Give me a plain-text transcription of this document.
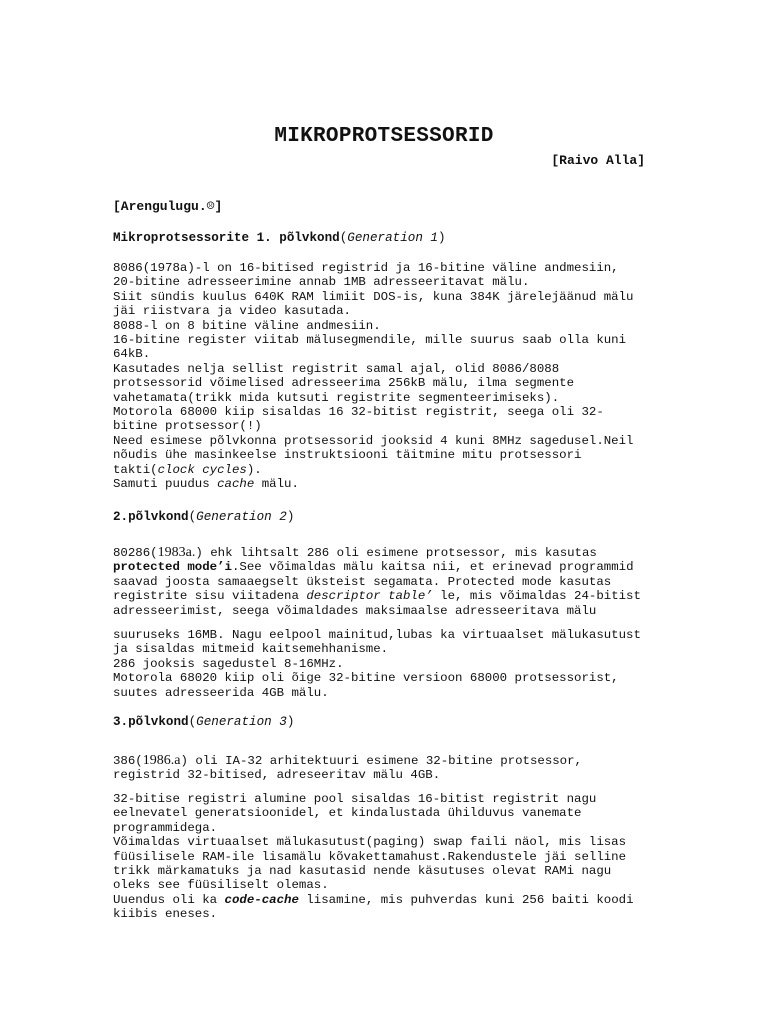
MIKROPROTSESSORID
[Raivo Alla]
[Arengulugu.☹]
Mikroprotsessorite 1. põlvkond(Generation 1)
8086(1978a)-l on 16-bitised registrid ja 16-bitine väline andmesiin,
20-bitine adresseerimine annab 1MB adresseeritavat mälu.
Siit sündis kuulus 640K RAM limiit DOS-is, kuna 384K järelejäänud mälu
jäi riistvara ja video kasutada.
8088-l on 8 bitine väline andmesiin.
16-bitine register viitab mälusegmendile, mille suurus saab olla kuni
64kB.
Kasutades nelja sellist registrit samal ajal, olid 8086/8088
protsessorid võimelised adresseerima 256kB mälu, ilma segmente
vahetamata(trikk mida kutsuti registrite segmenteerimiseks).
Motorola 68000 kiip sisaldas 16 32-bitist registrit, seega oli 32-
bitine protsessor(!)
Need esimese põlvkonna protsessorid jooksid 4 kuni 8MHz sagedusel.Neil
nõudis ühe masinkeelse instruktsiooni täitmine mitu protsessori
takti(clock cycles).
Samuti puudus cache mälu.
2.põlvkond(Generation 2)
80286(1983a.) ehk lihtsalt 286 oli esimene protsessor, mis kasutas
protected mode’i.See võimaldas mälu kaitsa nii, et erinevad programmid
saavad joosta samaaegselt üksteist segamata. Protected mode kasutas
registrite sisu viitadena descriptor table’ le, mis võimaldas 24-bitist
adresseerimist, seega võimaldades maksimaalse adresseeritava mälu
suuruseks 16MB. Nagu eelpool mainitud,lubas ka virtuaalset mälukasutust
ja sisaldas mitmeid kaitsemehhanisme.
286 jooksis sagedustel 8-16MHz.
Motorola 68020 kiip oli õige 32-bitine versioon 68000 protsessorist,
suutes adresseerida 4GB mälu.
3.põlvkond(Generation 3)
386(1986.a) oli IA-32 arhitektuuri esimene 32-bitine protsessor,
registrid 32-bitised, adreseeritav mälu 4GB.
32-bitise registri alumine pool sisaldas 16-bitist registrit nagu
eelnevatel generatsioonidel, et kindalustada ühilduvus vanemate
programmidega.
Võimaldas virtuaalset mälukasutust(paging) swap faili näol, mis lisas
füüsilisele RAM-ile lisamälu kõvakettamahust.Rakendustele jäi selline
trikk märkamatuks ja nad kasutasid nende käsutuses olevat RAMi nagu
oleks see füüsiliselt olemas.
Uuendus oli ka code-cache lisamine, mis puhverdas kuni 256 baiti koodi
kiibis eneses.
